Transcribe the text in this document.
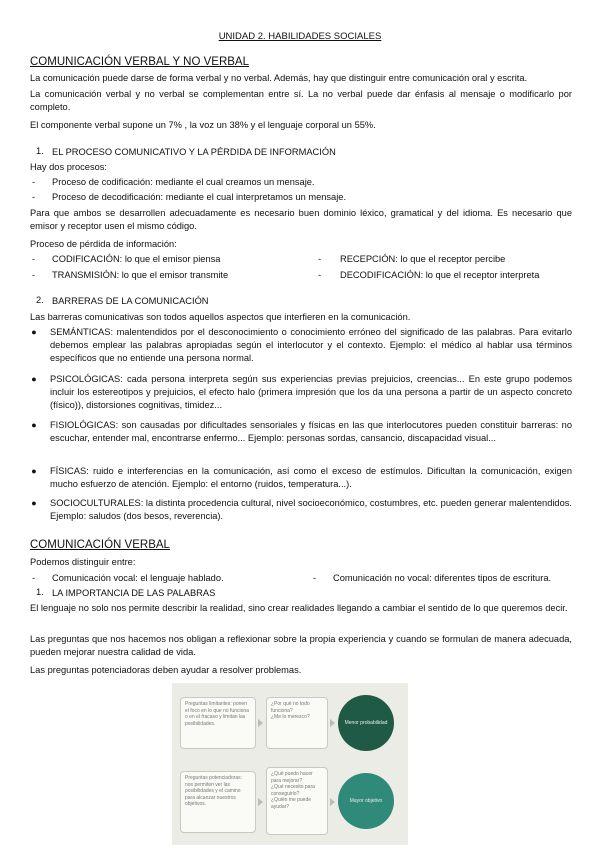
UNIDAD 2. HABILIDADES SOCIALES
COMUNICACIÓN VERBAL Y NO VERBAL
La comunicación puede darse de forma verbal y no verbal. Además, hay que distinguir entre comunicación oral y escrita.
La comunicación verbal y no verbal se complementan entre sí. La no verbal puede dar énfasis al mensaje o modificarlo por completo.
El componente verbal supone un 7% , la voz un 38% y el lenguaje corporal un 55%.
1. EL PROCESO COMUNICATIVO Y LA PÉRDIDA DE INFORMACIÓN
Hay dos procesos:
- Proceso de codificación: mediante el cual creamos un mensaje.
- Proceso de decodificación: mediante el cual interpretamos un mensaje.
Para que ambos se desarrollen adecuadamente es necesario buen dominio léxico, gramatical y del idioma. Es necesario que emisor y receptor usen el mismo código.
Proceso de pérdida de información:
- CODIFICACIÓN: lo que el emisor piensa	- RECEPCIÓN: lo que el receptor percibe
- TRANSMISIÓN: lo que el emisor transmite	- DECODIFICACIÓN: lo que el receptor interpreta
2. BARRERAS DE LA COMUNICACIÓN
Las barreras comunicativas son todos aquellos aspectos que interfieren en la comunicación.
● SEMÁNTICAS: malentendidos por el desconocimiento o conocimiento erróneo del significado de las palabras. Para evitarlo debemos emplear las palabras apropiadas según el interlocutor y el contexto. Ejemplo: el médico al hablar usa términos específicos que no entiende una persona normal.
● PSICOLÓGICAS: cada persona interpreta según sus experiencias previas prejuicios, creencias... En este grupo podemos incluir los estereotipos y prejuicios, el efecto halo (primera impresión que los da una persona a partir de un aspecto concreto (físico)), distorsiones cognitivas, timidez...
● FISIOLÓGICAS: son causadas por dificultades sensoriales y físicas en las que interlocutores pueden constituir barreras: no escuchar, entender mal, encontrarse enfermo... Ejemplo: personas sordas, cansancio, discapacidad visual...
● FÍSICAS: ruido e interferencias en la comunicación, así como el exceso de estímulos. Dificultan la comunicación, exigen mucho esfuerzo de atención. Ejemplo: el entorno (ruidos, temperatura...).
● SOCIOCULTURALES: la distinta procedencia cultural, nivel socioeconómico, costumbres, etc. pueden generar malentendidos. Ejemplo: saludos (dos besos, reverencia).
COMUNICACIÓN VERBAL
Podemos distinguir entre:
- Comunicación vocal: el lenguaje hablado.	- Comunicación no vocal: diferentes tipos de escritura.
1. LA IMPORTANCIA DE LAS PALABRAS
El lenguaje no solo nos permite describir la realidad, sino crear realidades llegando a cambiar el sentido de lo que queremos decir.
Las preguntas que nos hacemos nos obligan a reflexionar sobre la propia experiencia y cuando se formulan de manera adecuada, pueden mejorar nuestra calidad de vida.
Las preguntas potenciadoras deben ayudar a resolver problemas.
Preguntas limitantes: ponen el foco en lo que no funciona o en el fracaso y limitan las posibilidades.
¿Por qué no todo funciona?
¿Me lo merezco?
Menor probabilidad
Preguntas potenciadoras: nos permiten ver las posibilidades y el camino para alcanzar nuestros objetivos.
¿Qué puedo hacer para mejorar?
¿Qué necesito para conseguirlo?
¿Quién me puede ayudar?
Mayor objetivo
